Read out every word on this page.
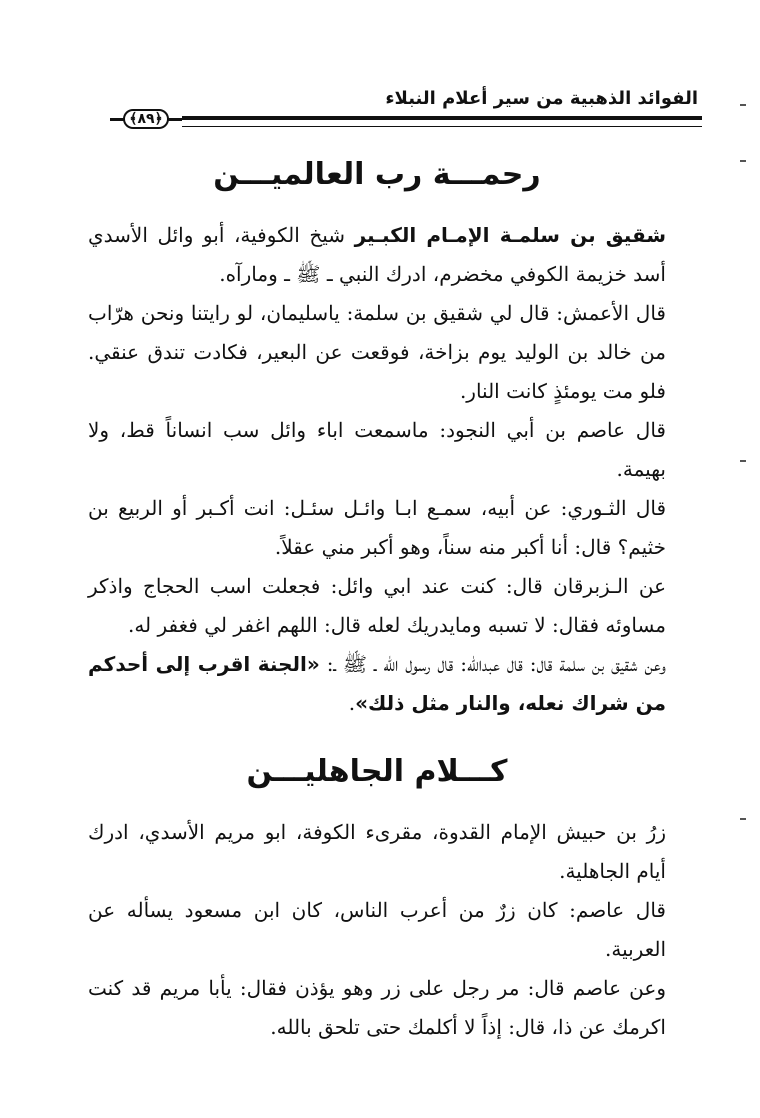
الفوائد الذهبية من سير أعلام النبلاء
﴿٨٩﴾
رحمـــة رب العالميـــن

شقيق بن سلمـة الإمـام الكبـير شيخ الكوفية، أبو وائل الأسدي أسد خزيمة الكوفي مخضرم، ادرك النبي ـ ﷺ ـ ومارآه.

قال الأعمش: قال لي شقيق بن سلمة: ياسليمان، لو رايتنا ونحن هرّاب من خالد بن الوليد يوم بزاخة، فوقعت عن البعير، فكادت تندق عنقي. فلو مت يومئذٍ كانت النار.

قال عاصم بن أبي النجود: ماسمعت اباء وائل سب انساناً قط، ولا بهيمة.

قال الثـوري: عن أبيه، سمـع ابـا وائـل سئـل: انت أكـبر أو الربيع بن خثيم؟ قال: أنا أكبر منه سناً، وهو أكبر مني عقلاً.

عن الـزبرقان قال: كنت عند ابي وائل: فجعلت اسب الحجاج واذكر مساوئه فقال: لا تسبه ومايدريك لعله قال: اللهم اغفر لي فغفر له.

وعن شقيق بن سلمة قال: قال عبدالله: قال رسول الله ـ ﷺ ـ: «الجنة اقرب إلى أحدكم من شراك نعله، والنار مثل ذلك».

كـــلام الجاهليـــن

زرُ بن حبيش الإمام القدوة، مقرىء الكوفة، ابو مريم الأسدي، ادرك أيام الجاهلية.

قال عاصم: كان زرٌ من أعرب الناس، كان ابن مسعود يسأله عن العربية.

وعن عاصم قال: مر رجل على زر وهو يؤذن فقال: يأبا مريم قد كنت اكرمك عن ذا، قال: إذاً لا أكلمك حتى تلحق بالله.
